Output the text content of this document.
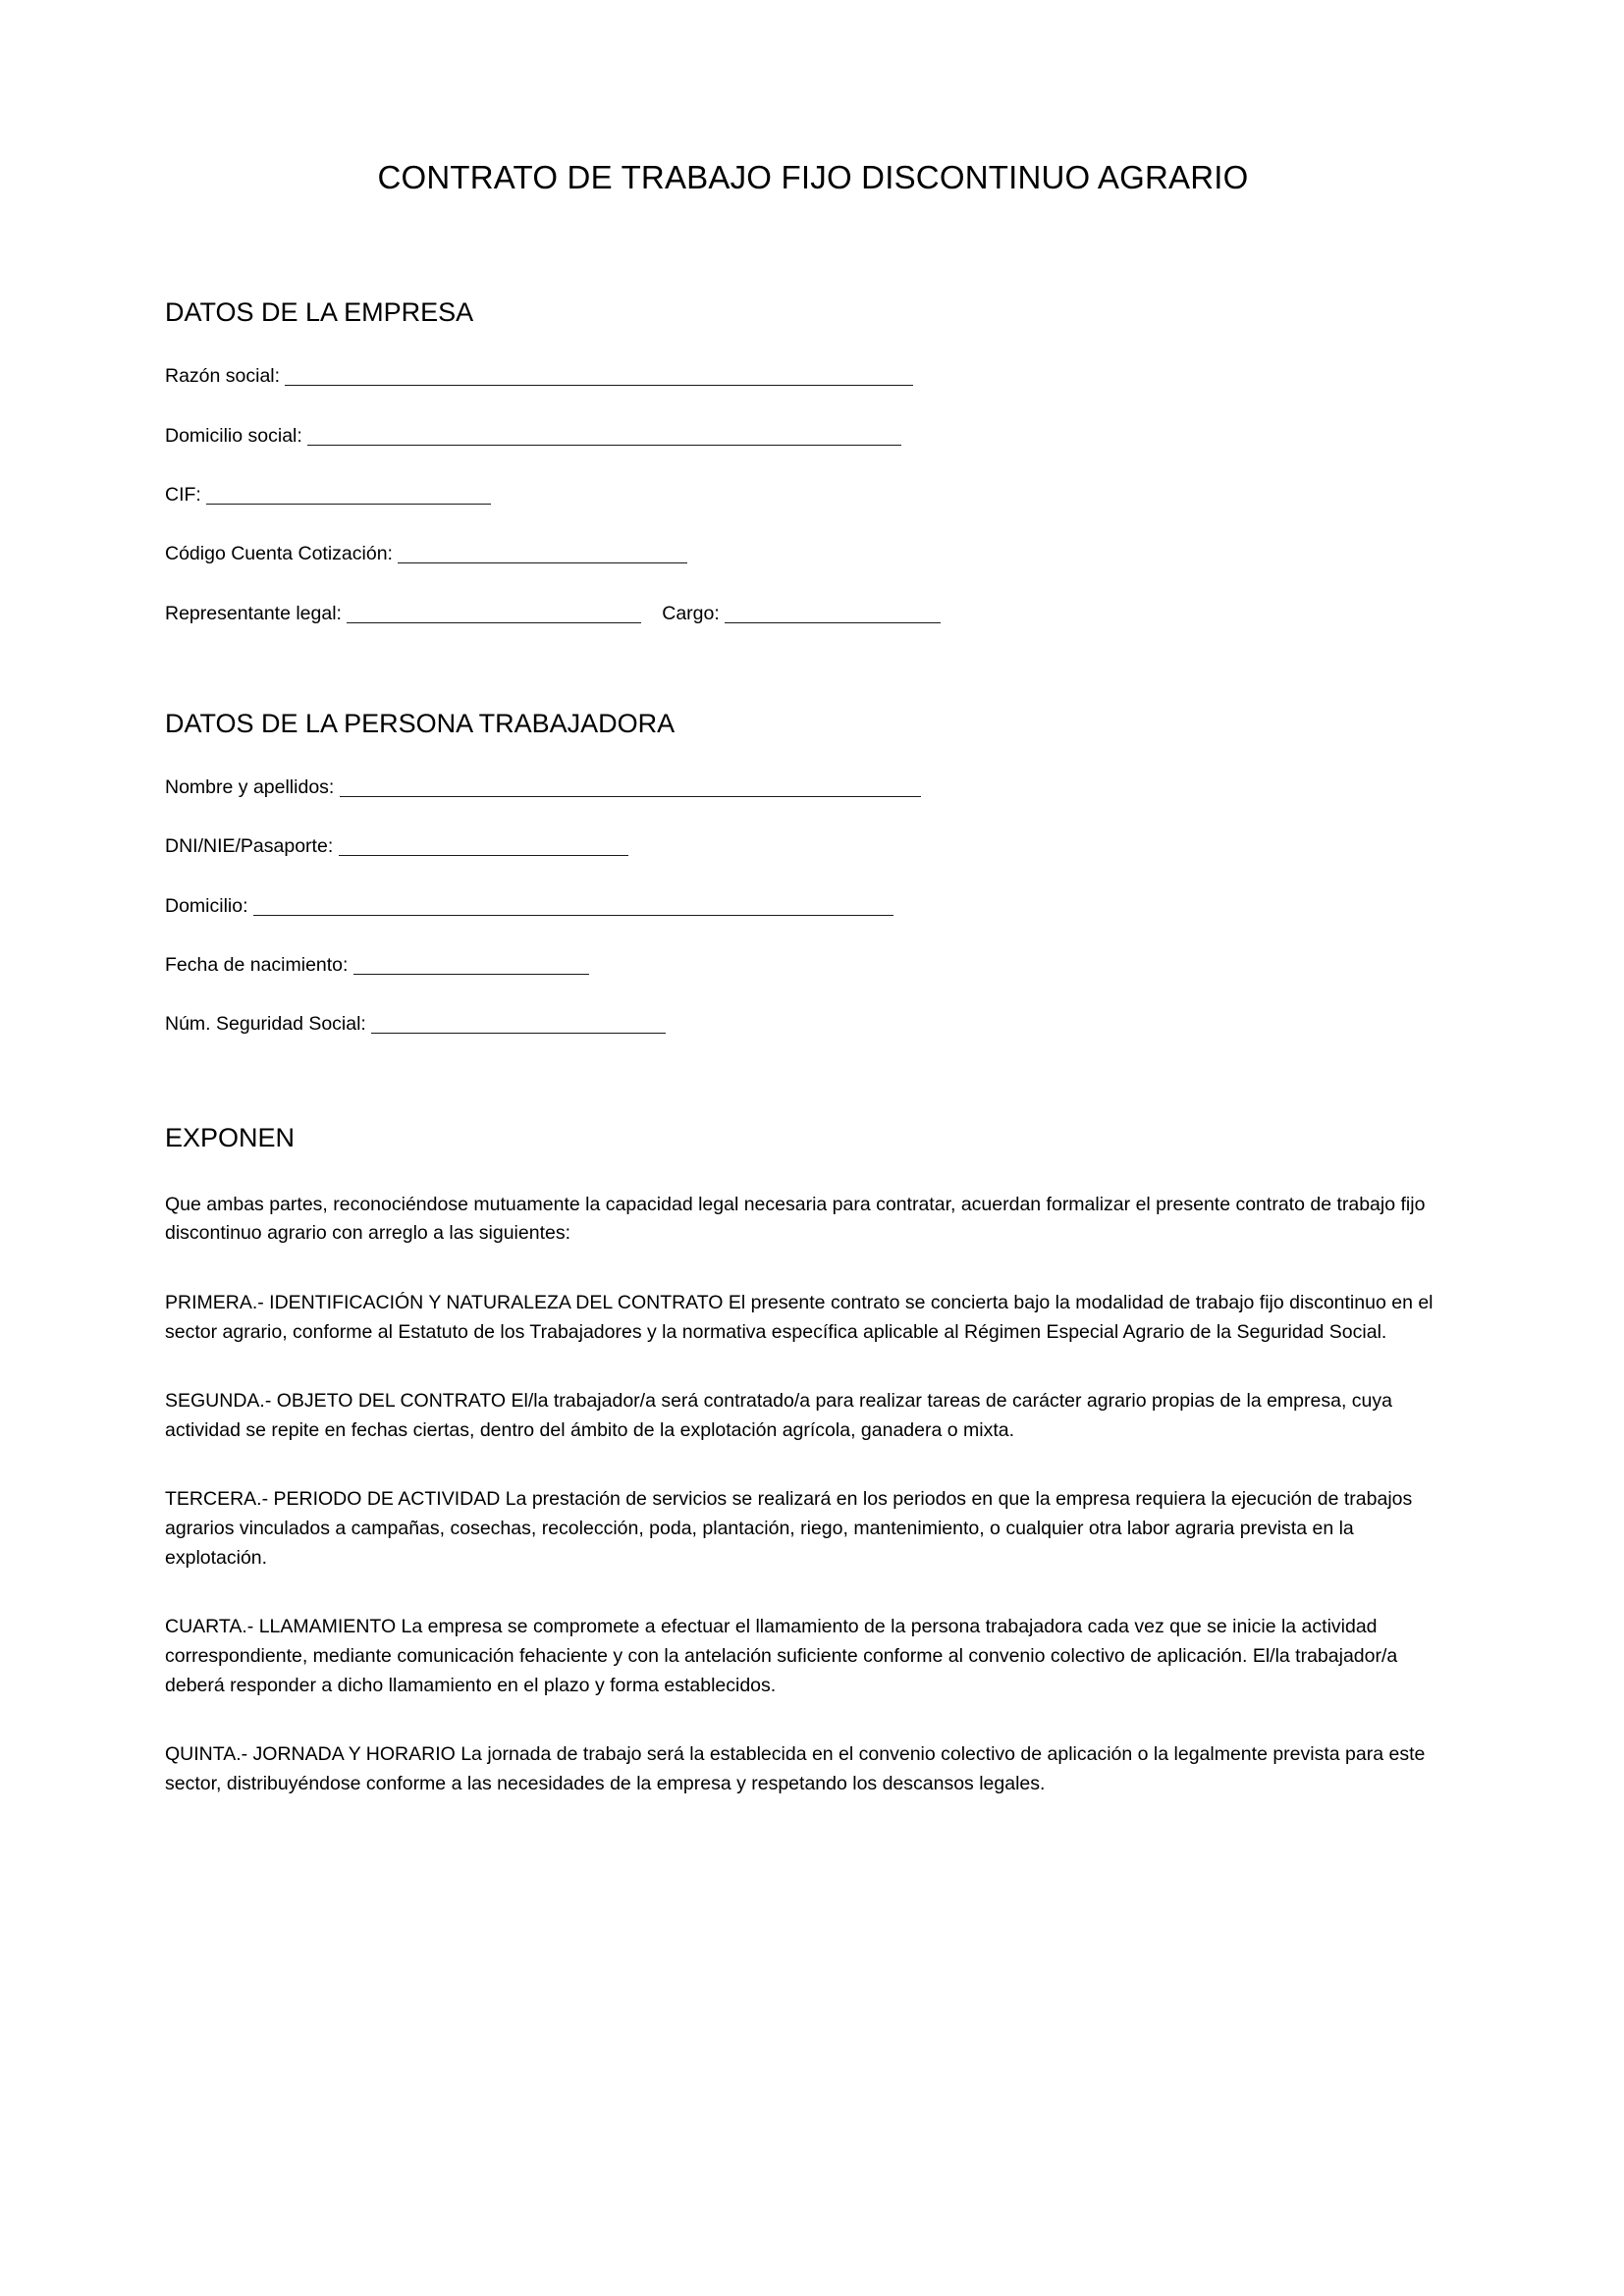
CONTRATO DE TRABAJO FIJO DISCONTINUO AGRARIO
DATOS DE LA EMPRESA
Razón social:
Domicilio social:
CIF:
Código Cuenta Cotización:
Representante legal:	Cargo:
DATOS DE LA PERSONA TRABAJADORA
Nombre y apellidos:
DNI/NIE/Pasaporte:
Domicilio:
Fecha de nacimiento:
Núm. Seguridad Social:
EXPONEN

Que ambas partes, reconociéndose mutuamente la capacidad legal necesaria para contratar, acuerdan formalizar el presente contrato de trabajo fijo discontinuo agrario con arreglo a las siguientes:

PRIMERA.- IDENTIFICACIÓN Y NATURALEZA DEL CONTRATO El presente contrato se concierta bajo la modalidad de trabajo fijo discontinuo en el sector agrario, conforme al Estatuto de los Trabajadores y la normativa específica aplicable al Régimen Especial Agrario de la Seguridad Social.

SEGUNDA.- OBJETO DEL CONTRATO El/la trabajador/a será contratado/a para realizar tareas de carácter agrario propias de la empresa, cuya actividad se repite en fechas ciertas, dentro del ámbito de la explotación agrícola, ganadera o mixta.

TERCERA.- PERIODO DE ACTIVIDAD La prestación de servicios se realizará en los periodos en que la empresa requiera la ejecución de trabajos agrarios vinculados a campañas, cosechas, recolección, poda, plantación, riego, mantenimiento, o cualquier otra labor agraria prevista en la explotación.

CUARTA.- LLAMAMIENTO La empresa se compromete a efectuar el llamamiento de la persona trabajadora cada vez que se inicie la actividad correspondiente, mediante comunicación fehaciente y con la antelación suficiente conforme al convenio colectivo de aplicación. El/la trabajador/a deberá responder a dicho llamamiento en el plazo y forma establecidos.

QUINTA.- JORNADA Y HORARIO La jornada de trabajo será la establecida en el convenio colectivo de aplicación o la legalmente prevista para este sector, distribuyéndose conforme a las necesidades de la empresa y respetando los descansos legales.
